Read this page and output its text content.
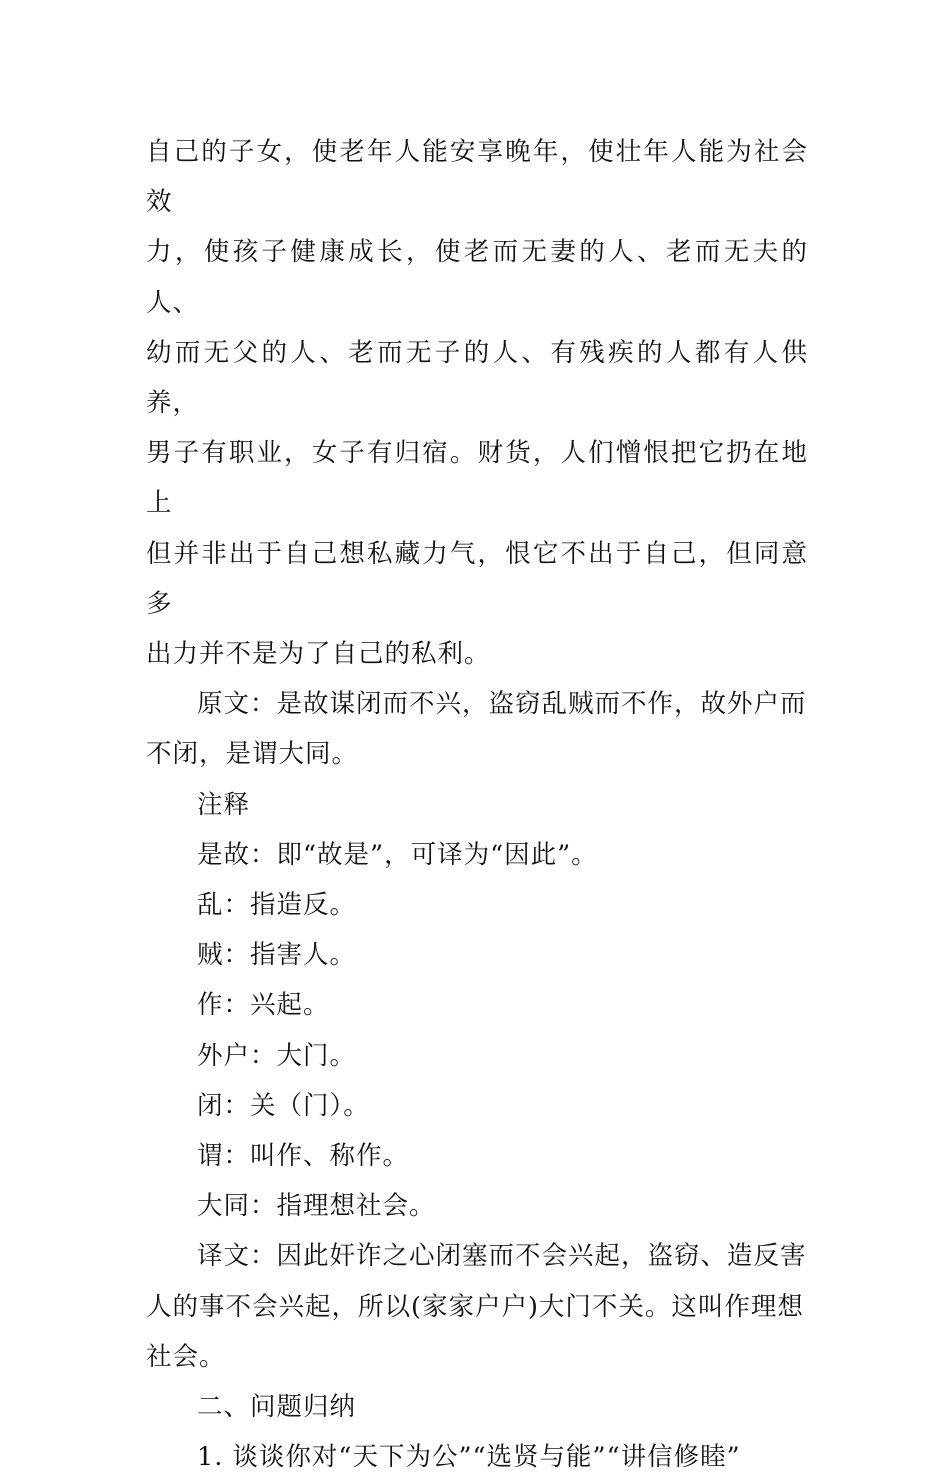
自己的子女，使老年人能安享晚年，使壮年人能为社会效
力，使孩子健康成长，使老而无妻的人、老而无夫的人、
幼而无父的人、老而无子的人、有残疾的人都有人供养，
男子有职业，女子有归宿。财货，人们憎恨把它扔在地上
但并非出于自己想私藏力气，恨它不出于自己，但同意多
出力并不是为了自己的私利。
原文：是故谋闭而不兴，盗窃乱贼而不作，故外户而
不闭，是谓大同。
注释
是故：即“故是”，可译为“因此”。
乱：指造反。
贼：指害人。
作：兴起。
外户：大门。
闭：关（门）。
谓：叫作、称作。
大同：指理想社会。
译文：因此奸诈之心闭塞而不会兴起，盗窃、造反害
人的事不会兴起，所以(家家户户)大门不关。这叫作理想
社会。
二、问题归纳
1. 谈谈你对“天下为公”“选贤与能”“讲信修睦”
